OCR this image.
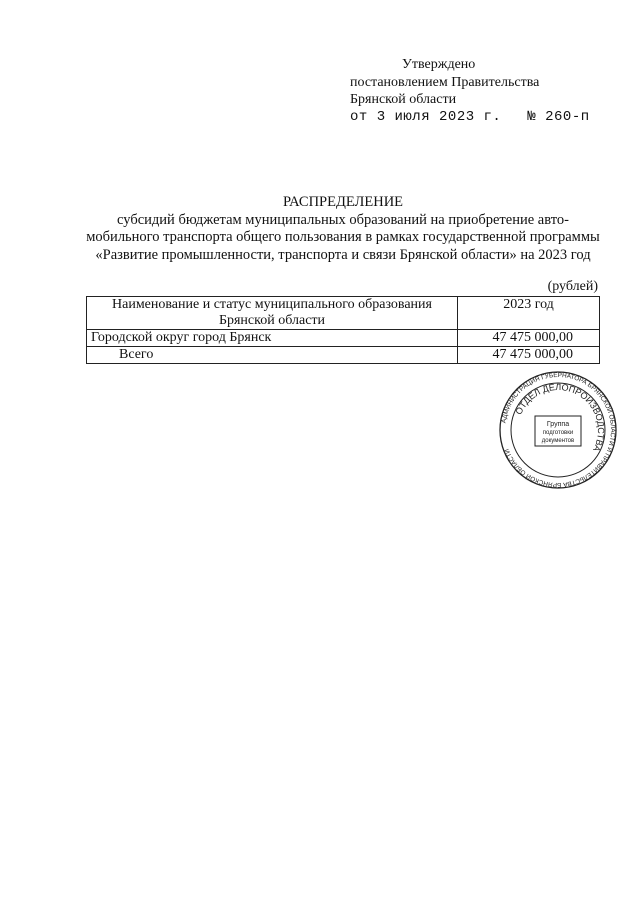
Утверждено
постановлением Правительства
Брянской области
от 3 июля 2023 г. № 260-п
РАСПРЕДЕЛЕНИЕ
субсидий бюджетам муниципальных образований на приобретение авто-мобильного транспорта общего пользования в рамках государственной программы «Развитие промышленности, транспорта и связи Брянской области» на 2023 год
(рублей)
Наименование и статус муниципального образования Брянской области	2023 год
Городской округ город Брянск	47 475 000,00
Всего	47 475 000,00
АДМИНИСТРАЦИЯ ГУБЕРНАТОРА БРЯНСКОЙ ОБЛАСТИ И ПРАВИТЕЛЬСТВА БРЯНСКОЙ ОБЛАСТИ
ОТДЕЛ ДЕЛОПРОИЗВОДСТВА
Группа
подготовки
документов
